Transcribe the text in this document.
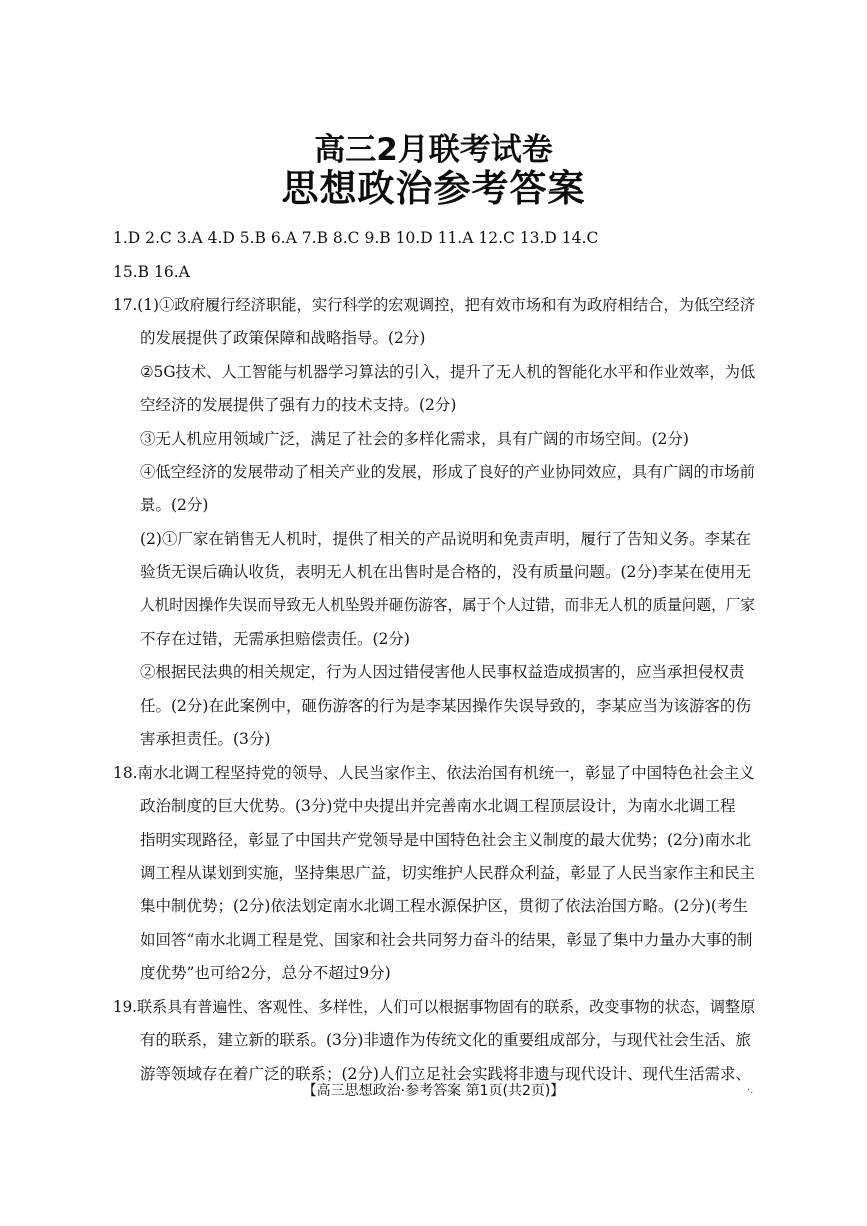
高三2月联考试卷
思想政治参考答案
1.D 2.C 3.A 4.D 5.B 6.A 7.B 8.C 9.B 10.D 11.A 12.C 13.D 14.C
15.B 16.A
17.(1)①政府履行经济职能，实行科学的宏观调控，把有效市场和有为政府相结合，为低空经济
的发展提供了政策保障和战略指导。(2分)
②5G技术、人工智能与机器学习算法的引入，提升了无人机的智能化水平和作业效率，为低
空经济的发展提供了强有力的技术支持。(2分)
③无人机应用领域广泛，满足了社会的多样化需求，具有广阔的市场空间。(2分)
④低空经济的发展带动了相关产业的发展，形成了良好的产业协同效应，具有广阔的市场前
景。(2分)
(2)①厂家在销售无人机时，提供了相关的产品说明和免责声明，履行了告知义务。李某在
验货无误后确认收货，表明无人机在出售时是合格的，没有质量问题。(2分)李某在使用无
人机时因操作失误而导致无人机坠毁并砸伤游客，属于个人过错，而非无人机的质量问题，厂家
不存在过错，无需承担赔偿责任。(2分)
②根据民法典的相关规定，行为人因过错侵害他人民事权益造成损害的，应当承担侵权责
任。(2分)在此案例中，砸伤游客的行为是李某因操作失误导致的，李某应当为该游客的伤
害承担责任。(3分)
18.南水北调工程坚持党的领导、人民当家作主、依法治国有机统一，彰显了中国特色社会主义
政治制度的巨大优势。(3分)党中央提出并完善南水北调工程顶层设计，为南水北调工程
指明实现路径，彰显了中国共产党领导是中国特色社会主义制度的最大优势；(2分)南水北
调工程从谋划到实施，坚持集思广益，切实维护人民群众利益，彰显了人民当家作主和民主
集中制优势；(2分)依法划定南水北调工程水源保护区，贯彻了依法治国方略。(2分)(考生
如回答“南水北调工程是党、国家和社会共同努力奋斗的结果，彰显了集中力量办大事的制
度优势”也可给2分，总分不超过9分)
19.联系具有普遍性、客观性、多样性，人们可以根据事物固有的联系，改变事物的状态，调整原
有的联系，建立新的联系。(3分)非遗作为传统文化的重要组成部分，与现代社会生活、旅
游等领域存在着广泛的联系；(2分)人们立足社会实践将非遗与现代设计、现代生活需求、
【高三思想政治·参考答案 第1页(共2页)】	·.
